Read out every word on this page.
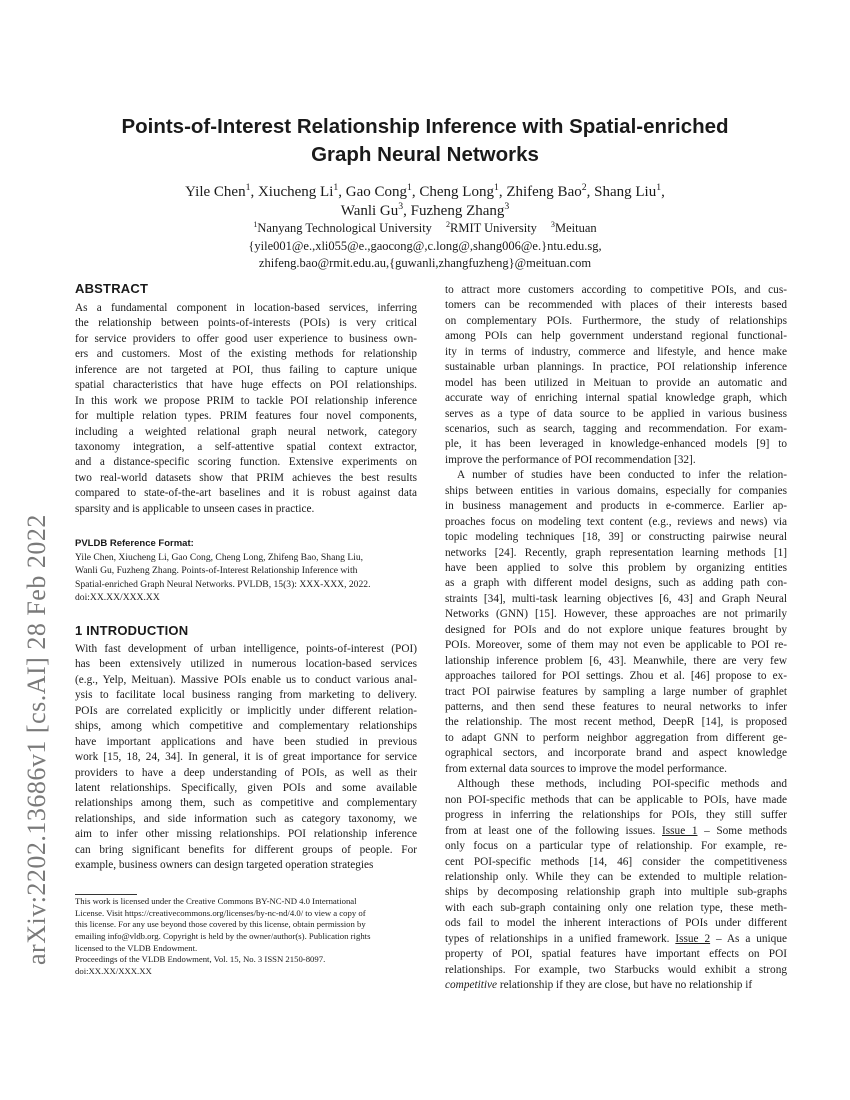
arXiv:2202.13686v1 [cs.AI] 28 Feb 2022
Points-of-Interest Relationship Inference with Spatial-enriched
Graph Neural Networks
Yile Chen$^1$, Xiucheng Li$^1$, Gao Cong$^1$, Cheng Long$^1$, Zhifeng Bao$^2$, Shang Liu$^1$,
Wanli Gu$^3$, Fuzheng Zhang$^3$
$^1$Nanyang Technological University $^2$RMIT University $^3$Meituan
{yile001@e.,xli055@e.,gaocong@,c.long@,shang006@e.}ntu.edu.sg,
zhifeng.bao@rmit.edu.au,{guwanli,zhangfuzheng}@meituan.com
ABSTRACT
As a fundamental component in location-based services, inferring
the relationship between points-of-interests (POIs) is very critical
for service providers to offer good user experience to business own-
ers and customers. Most of the existing methods for relationship
inference are not targeted at POI, thus failing to capture unique
spatial characteristics that have huge effects on POI relationships.
In this work we propose PRIM to tackle POI relationship inference
for multiple relation types. PRIM features four novel components,
including a weighted relational graph neural network, category
taxonomy integration, a self-attentive spatial context extractor,
and a distance-specific scoring function. Extensive experiments on
two real-world datasets show that PRIM achieves the best results
compared to state-of-the-art baselines and it is robust against data
sparsity and is applicable to unseen cases in practice.
PVLDB Reference Format:
Yile Chen, Xiucheng Li, Gao Cong, Cheng Long, Zhifeng Bao, Shang Liu,
Wanli Gu, Fuzheng Zhang. Points-of-Interest Relationship Inference with
Spatial-enriched Graph Neural Networks. PVLDB, 15(3): XXX-XXX, 2022.
doi:XX.XX/XXX.XX
1 INTRODUCTION
With fast development of urban intelligence, points-of-interest (POI)
has been extensively utilized in numerous location-based services
(e.g., Yelp, Meituan). Massive POIs enable us to conduct various anal-
ysis to facilitate local business ranging from marketing to delivery.
POIs are correlated explicitly or implicitly under different relation-
ships, among which competitive and complementary relationships
have important applications and have been studied in previous
work [15, 18, 24, 34]. In general, it is of great importance for service
providers to have a deep understanding of POIs, as well as their
latent relationships. Specifically, given POIs and some available
relationships among them, such as competitive and complementary
relationships, and side information such as category taxonomy, we
aim to infer other missing relationships. POI relationship inference
can bring significant benefits for different groups of people. For
example, business owners can design targeted operation strategies
This work is licensed under the Creative Commons BY-NC-ND 4.0 International
License. Visit https://creativecommons.org/licenses/by-nc-nd/4.0/ to view a copy of
this license. For any use beyond those covered by this license, obtain permission by
emailing info@vldb.org. Copyright is held by the owner/author(s). Publication rights
licensed to the VLDB Endowment.
Proceedings of the VLDB Endowment, Vol. 15, No. 3 ISSN 2150-8097.
doi:XX.XX/XXX.XX
to attract more customers according to competitive POIs, and cus-
tomers can be recommended with places of their interests based
on complementary POIs. Furthermore, the study of relationships
among POIs can help government understand regional functional-
ity in terms of industry, commerce and lifestyle, and hence make
sustainable urban plannings. In practice, POI relationship inference
model has been utilized in Meituan to provide an automatic and
accurate way of enriching internal spatial knowledge graph, which
serves as a type of data source to be applied in various business
scenarios, such as search, tagging and recommendation. For exam-
ple, it has been leveraged in knowledge-enhanced models [9] to
improve the performance of POI recommendation [32].
A number of studies have been conducted to infer the relation-
ships between entities in various domains, especially for companies
in business management and products in e-commerce. Earlier ap-
proaches focus on modeling text content (e.g., reviews and news) via
topic modeling techniques [18, 39] or constructing pairwise neural
networks [24]. Recently, graph representation learning methods [1]
have been applied to solve this problem by organizing entities
as a graph with different model designs, such as adding path con-
straints [34], multi-task learning objectives [6, 43] and Graph Neural
Networks (GNN) [15]. However, these approaches are not primarily
designed for POIs and do not explore unique features brought by
POIs. Moreover, some of them may not even be applicable to POI re-
lationship inference problem [6, 43]. Meanwhile, there are very few
approaches tailored for POI settings. Zhou et al. [46] propose to ex-
tract POI pairwise features by sampling a large number of graphlet
patterns, and then send these features to neural networks to infer
the relationship. The most recent method, DeepR [14], is proposed
to adapt GNN to perform neighbor aggregation from different ge-
ographical sectors, and incorporate brand and aspect knowledge
from external data sources to improve the model performance.
Although these methods, including POI-specific methods and
non POI-specific methods that can be applicable to POIs, have made
progress in inferring the relationships for POIs, they still suffer
from at least one of the following issues. Issue 1 – Some methods
only focus on a particular type of relationship. For example, re-
cent POI-specific methods [14, 46] consider the competitiveness
relationship only. While they can be extended to multiple relation-
ships by decomposing relationship graph into multiple sub-graphs
with each sub-graph containing only one relation type, these meth-
ods fail to model the inherent interactions of POIs under different
types of relationships in a unified framework. Issue 2 – As a unique
property of POI, spatial features have important effects on POI
relationships. For example, two Starbucks would exhibit a strong
competitive relationship if they are close, but have no relationship if
